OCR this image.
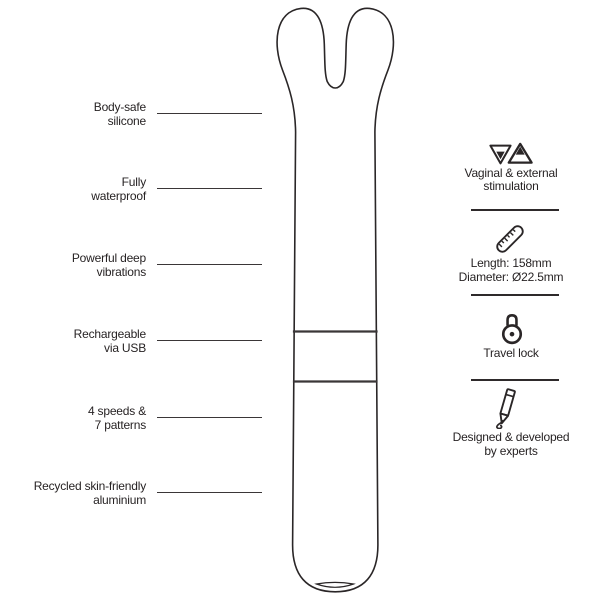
Body-safe
silicone
Fully
waterproof
Powerful deep
vibrations
Rechargeable
via USB
4 speeds &
7 patterns
Recycled skin-friendly
aluminium
Vaginal & external
stimulation
Length: 158mm
Diameter: Ø22.5mm
Travel lock
Designed & developed
by experts
